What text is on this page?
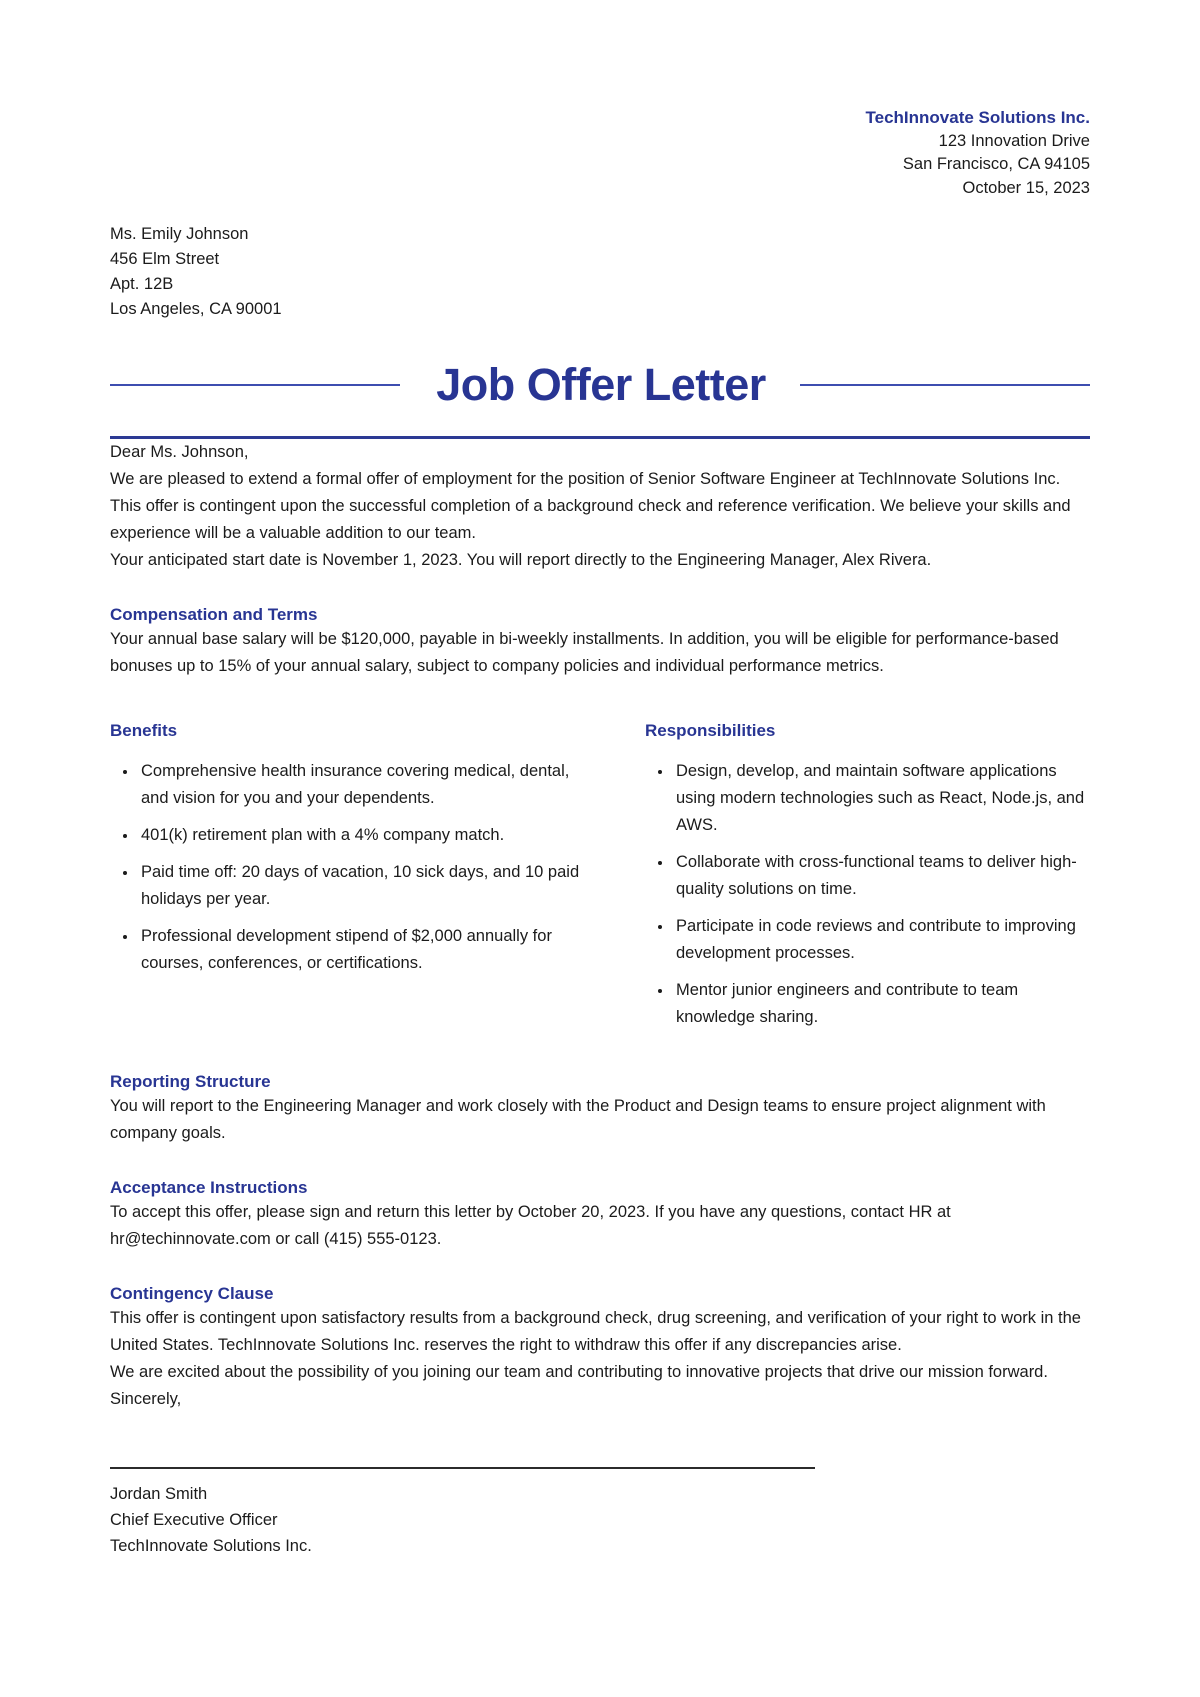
TechInnovate Solutions Inc.
123 Innovation Drive
San Francisco, CA 94105
October 15, 2023
Ms. Emily Johnson
456 Elm Street
Apt. 12B
Los Angeles, CA 90001
Job Offer Letter

Dear Ms. Johnson,

We are pleased to extend a formal offer of employment for the position of Senior Software Engineer at TechInnovate Solutions Inc. This offer is contingent upon the successful completion of a background check and reference verification. We believe your skills and experience will be a valuable addition to our team.

Your anticipated start date is November 1, 2023. You will report directly to the Engineering Manager, Alex Rivera.

Compensation and Terms

Your annual base salary will be $120,000, payable in bi-weekly installments. In addition, you will be eligible for performance-based bonuses up to 15% of your annual salary, subject to company policies and individual performance metrics.

Benefits
• Comprehensive health insurance covering medical, dental, and vision for you and your dependents.
• 401(k) retirement plan with a 4% company match.
• Paid time off: 20 days of vacation, 10 sick days, and 10 paid holidays per year.
• Professional development stipend of $2,000 annually for courses, conferences, or certifications.
Responsibilities
• Design, develop, and maintain software applications using modern technologies such as React, Node.js, and AWS.
• Collaborate with cross-functional teams to deliver high-quality solutions on time.
• Participate in code reviews and contribute to improving development processes.
• Mentor junior engineers and contribute to team knowledge sharing.
Reporting Structure

You will report to the Engineering Manager and work closely with the Product and Design teams to ensure project alignment with company goals.

Acceptance Instructions

To accept this offer, please sign and return this letter by October 20, 2023. If you have any questions, contact HR at hr@techinnovate.com or call (415) 555-0123.

Contingency Clause

This offer is contingent upon satisfactory results from a background check, drug screening, and verification of your right to work in the United States. TechInnovate Solutions Inc. reserves the right to withdraw this offer if any discrepancies arise.

We are excited about the possibility of you joining our team and contributing to innovative projects that drive our mission forward.

Sincerely,

Jordan Smith
Chief Executive Officer
TechInnovate Solutions Inc.
